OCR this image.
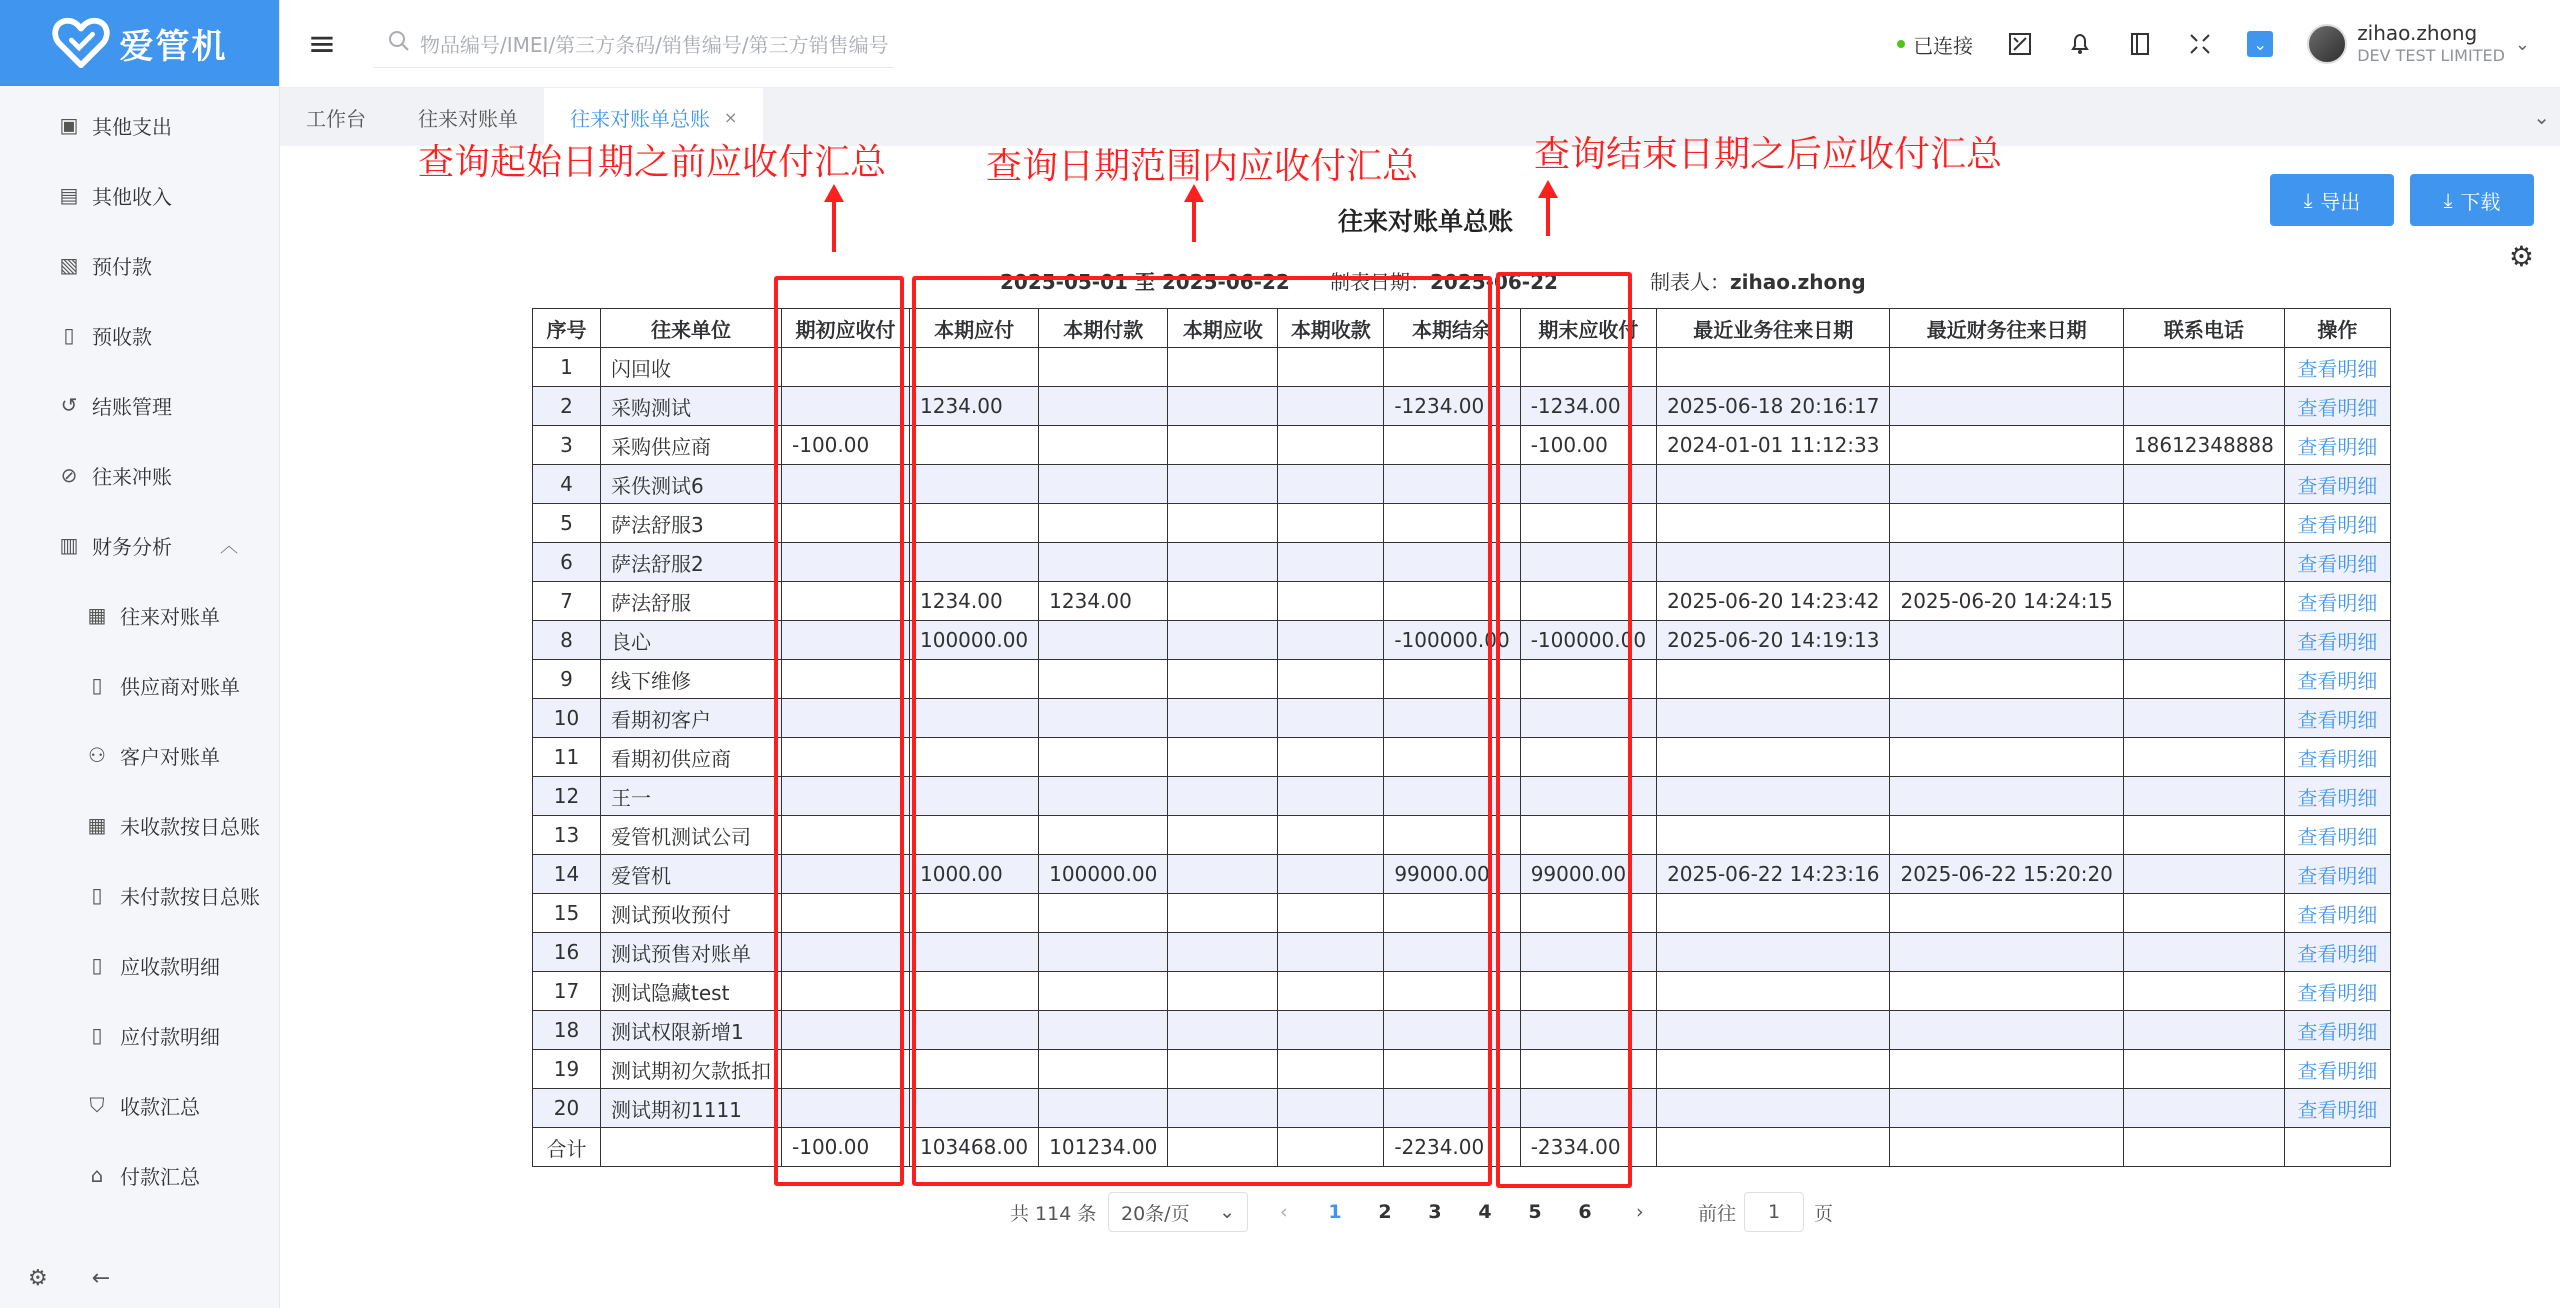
爱管机
▣ 其他支出
▤ 其他收入
▧ 预付款
▯ 预收款
↺ 结账管理
⊘ 往来冲账
▥ 财务分析	︿
▦ 往来对账单
▯ 供应商对账单
⚇ 客户对账单
▦ 未收款按日总账
▯ 未付款按日总账
▯ 应收款明细
▯ 应付款明细
⛉ 收款汇总
⌂ 付款汇总
⚙ ←
≡	物品编号/IMEI/第三方条码/销售编号/第三方销售编号	已连接	⌄	zihao.zhong
DEV TEST LIMITED
⌄
工作台	往来对账单	往来对账单总账 ×	⌄
⤓ 导出	⤓ 下载
⚙
往来对账单总账
2025-05-01 至 2025-06-22 制表日期：2025-06-22	制表人：zihao.zhong
序号	往来单位	期初应收付	本期应付	本期付款	本期应收	本期收款	本期结余	期末应收付	最近业务往来日期	最近财务往来日期	联系电话	操作
1	闪回收											查看明细
2	采购测试		1234.00				-1234.00	-1234.00	2025-06-18 20:16:17			查看明细
3	采购供应商	-100.00						-100.00	2024-01-01 11:12:33		18612348888	查看明细
4	采佚测试6											查看明细
5	萨法舒服3											查看明细
6	萨法舒服2											查看明细
7	萨法舒服		1234.00	1234.00					2025-06-20 14:23:42	2025-06-20 14:24:15		查看明细
8	良心		100000.00				-100000.00	-100000.00	2025-06-20 14:19:13			查看明细
9	线下维修											查看明细
10	看期初客户											查看明细
11	看期初供应商											查看明细
12	王一											查看明细
13	爱管机测试公司											查看明细
14	爱管机		1000.00	100000.00			99000.00	99000.00	2025-06-22 14:23:16	2025-06-22 15:20:20		查看明细
15	测试预收预付											查看明细
16	测试预售对账单											查看明细
17	测试隐藏test											查看明细
18	测试权限新增1											查看明细
19	测试期初欠款抵扣											查看明细
20	测试期初1111											查看明细
合计		-100.00	103468.00	101234.00			-2234.00	-2334.00				
共 114 条 20条/页 ⌄ ‹	›	前往	1	页
1	2	3	4	5	6
查询起始日期之前应收付汇总	查询日期范围内应收付汇总	查询结束日期之后应收付汇总
